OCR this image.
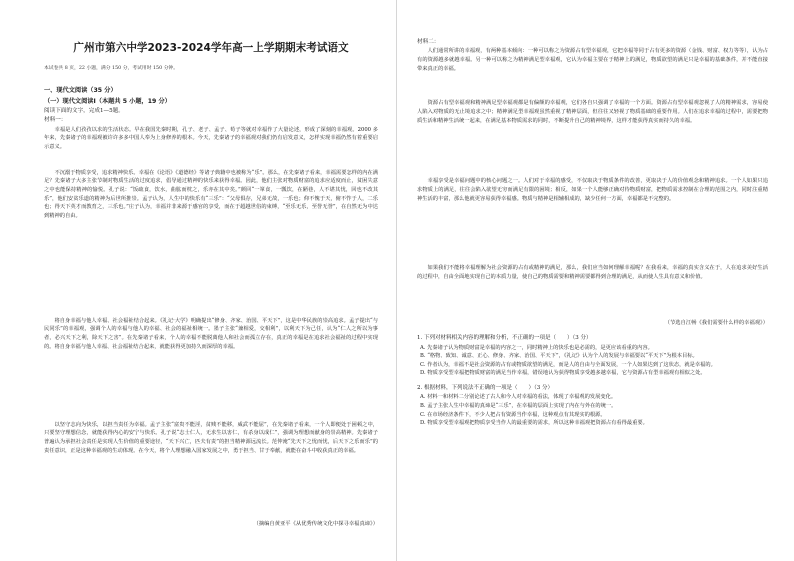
广州市第六中学2023-2024学年高一上学期期末考试语文
本试卷共 8 页，22 小题，满分 150 分，考试用时 150 分钟。
一、现代文阅读（35 分）
（一）现代文阅读Ⅰ（本题共 5 小题，19 分）
阅读下面的文字，完成1—5题。
材料一：

幸福是人们孜孜以求的生活状态。早在我国先秦时期，孔子、老子、孟子、荀子等就对幸福作了大量论述，形成了深刻的幸福观。2000 多年来，先秦诸子的幸福观被许许多多中国人奉为上身修养的根本。今天，先秦诸子的幸福观对我们仍有启发意义，怎样实现幸福仍然有着重要启示意义。

不沉溺于物质享受，追求精神快乐。幸福在《论语》《道德经》等诸子典籍中也被称为“乐”。那么，在先秦诸子看来，幸福需要怎样的内在满足？先秦诸子大多主张节制对物质生活的过度追求，倡导通过精神的快乐来获得幸福。因此，他们主张对物质财富的追求应适度而止，贫困失意之中也能保持精神的愉悦。孔子说：“饭疏食，饮水，曲肱而枕之，乐亦在其中矣。”颜回“一箪食，一瓢饮，在陋巷，人不堪其忧，回也不改其乐”，他们安贫乐道的精神为后世所推崇。孟子认为，人生中的快乐有“三乐”：“父母俱存，兄弟无故，一乐也；仰不愧于天，俯不怍于人，二乐也；得天下英才而教育之，三乐也。”庄子认为，幸福并非来源于感官的享受，而在于超越世俗的束缚，“至乐无乐，至誉无誉”，在自然无为中达到精神的自由。

将自身幸福与他人幸福、社会福祉结合起来。《礼记·大学》明确提出“修身、齐家、治国、平天下”，这是中华民族的崇高追求。孟子提出“与民同乐”的幸福观，强调个人的幸福与他人的幸福、社会的福祉相统一。墨子主张“兼相爱，交相利”，以利天下为己任，认为“仁人之所以为事者，必兴天下之利，除天下之害”。在先秦诸子看来，个人的幸福不能脱离他人和社会而孤立存在，真正的幸福是在追求社会福祉的过程中实现的。将自身幸福与他人幸福、社会福祉结合起来，就能获得更加持久而深厚的幸福。

以坚守志向为快乐，以担当责任为幸福。孟子主张“富贵不能淫，贫贱不能移，威武不能屈”，在先秦诸子看来，一个人即便处于困顿之中，只要坚守理想信念，就能获得内心的安宁与快乐。孔子说“志士仁人，无求生以害仁，有杀身以成仁”，强调为理想而献身的崇高精神。先秦诸子普遍认为承担社会责任是实现人生价值的重要途径，“天下兴亡，匹夫有责”的担当精神源远流长。范仲淹“先天下之忧而忧，后天下之乐而乐”的责任意识，正是这种幸福观的生动体现。在今天，将个人理想融入国家发展之中，勇于担当、甘于奉献，就能在奋斗中收获真正的幸福。

（摘编自黄亚平《从优秀传统文化中探寻幸福真谛》）
材料二：

人们通常所讲的幸福观，有两种基本倾向：一种可以称之为资源占有型幸福观，它把幸福等同于占有更多的资源（金钱、财富、权力等等），认为占有的资源越多就越幸福。另一种可以称之为精神满足型幸福观，它认为幸福主要在于精神上的满足，物质欲望的满足只是幸福的基础条件，并不能直接带来真正的幸福。

资源占有型幸福观和精神满足型幸福观都是有偏颇的幸福观，它们各自只强调了幸福的一个方面。资源占有型幸福观忽视了人的精神需求，容易使人陷入对物质的无止境追求之中；精神满足型幸福观虽然重视了精神层面，但往往又轻视了物质基础的重要作用。人们在追求幸福的过程中，需要把物质生活和精神生活统一起来，在满足基本物质需求的同时，不断提升自己的精神境界，这样才能获得真实而持久的幸福。

幸福享受是幸福问题中的核心问题之一。人们对于幸福的感受，不仅取决于物质条件的改善，更取决于人的价值观念和精神追求。一个人如果只追求物质上的满足，往往会陷入欲望无穷而满足有限的困境；相反，如果一个人能够正确对待物质财富，把物质需求控制在合理的范围之内，同时注重精神生活的丰富，那么他就更容易获得幸福感。物质与精神是相辅相成的，缺少任何一方面，幸福都是不完整的。

如果我们不能将幸福理解为社会资源的占有或精神的满足，那么，我们应当如何理解幸福呢？在我看来，幸福的真实含义在于，人在追求美好生活的过程中，自由全面地实现自己的本质力量，使自己的物质需要和精神需要都得到合理的满足，从而使人生具有意义和价值。

（节选自江畅《我们需要什么样的幸福观》）
1. 下列对材料相关内容的理解和分析，不正确的一项是（　　）（3 分）
A. 先秦诸子认为物质财富是幸福的内容之一，同时精神上的快乐也是必需的，是更应该看重的内容。
B. “格物、致知、诚意、正心、修身、齐家、治国、平天下”，《礼记》认为个人的发展与幸福要以“平天下”为根本目标。
C. 作者认为，幸福不是社会资源的占有或物质欲望的满足，而是人的自由与全面发展，一个人如果达到了这状态，就是幸福的。
D. 物质享受型幸福把物质财富的满足当作幸福，错误地认为获得物质享受越多越幸福，它与资源占有型幸福观有相似之处。
2. 根据材料，下列说法不正确的一项是（　　）（3 分）
A. 材料一和材料二分别论述了古人和今人对幸福的看法，体现了幸福观的发展变化。
B. 孟子主张人生中幸福的真谛是“三乐”，在幸福的层面上实现了内在与外在的统一。
C. 在市场经济条件下，不少人把占有资源当作幸福，这种观点有其现实的根源。
D. 物质享受型幸福观把物质享受当作人的最重要的需求，所以这种幸福观把资源占有看得最重要。
